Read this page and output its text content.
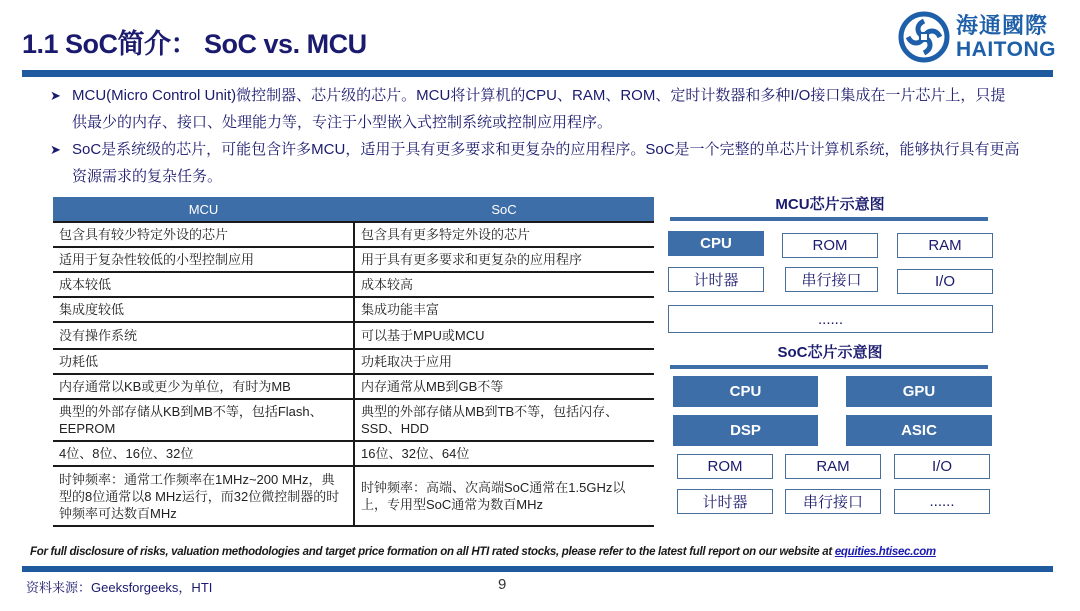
1.1 SoC简介： SoC vs. MCU
海通國際
HAITONG
➤ MCU(Micro Control Unit)微控制器、芯片级的芯片。MCU将计算机的CPU、RAM、ROM、定时计数器和多种I/O接口集成在一片芯片上，只提供最少的内存、接口、处理能力等，专注于小型嵌入式控制系统或控制应用程序。
➤ SoC是系统级的芯片，可能包含许多MCU，适用于具有更多要求和更复杂的应用程序。SoC是一个完整的单芯片计算机系统，能够执行具有更高资源需求的复杂任务。
MCU	SoC
包含具有较少特定外设的芯片	包含具有更多特定外设的芯片
适用于复杂性较低的小型控制应用	用于具有更多要求和更复杂的应用程序
成本较低	成本较高
集成度较低	集成功能丰富
没有操作系统	可以基于MPU或MCU
功耗低	功耗取决于应用
内存通常以KB或更少为单位，有时为MB	内存通常从MB到GB不等
典型的外部存储从KB到MB不等，包括Flash、EEPROM	典型的外部存储从MB到TB不等，包括闪存、SSD、HDD
4位、8位、16位、32位	16位、32位、64位
时钟频率：通常工作频率在1MHz~200 MHz，典型的8位通常以8 MHz运行，而32位微控制器的时钟频率可达数百MHz	时钟频率：高端、次高端SoC通常在1.5GHz以上，专用型SoC通常为数百MHz
MCU芯片示意图
CPU	ROM	RAM
计时器	串行接口	I/O
......
SoC芯片示意图
CPU	GPU
DSP	ASIC
ROM	RAM	I/O
计时器	串行接口	......
For full disclosure of risks, valuation methodologies and target price formation on all HTI rated stocks, please refer to the latest full report on our website at equities.htisec.com
资料来源：Geeksforgeeks，HTI	9
